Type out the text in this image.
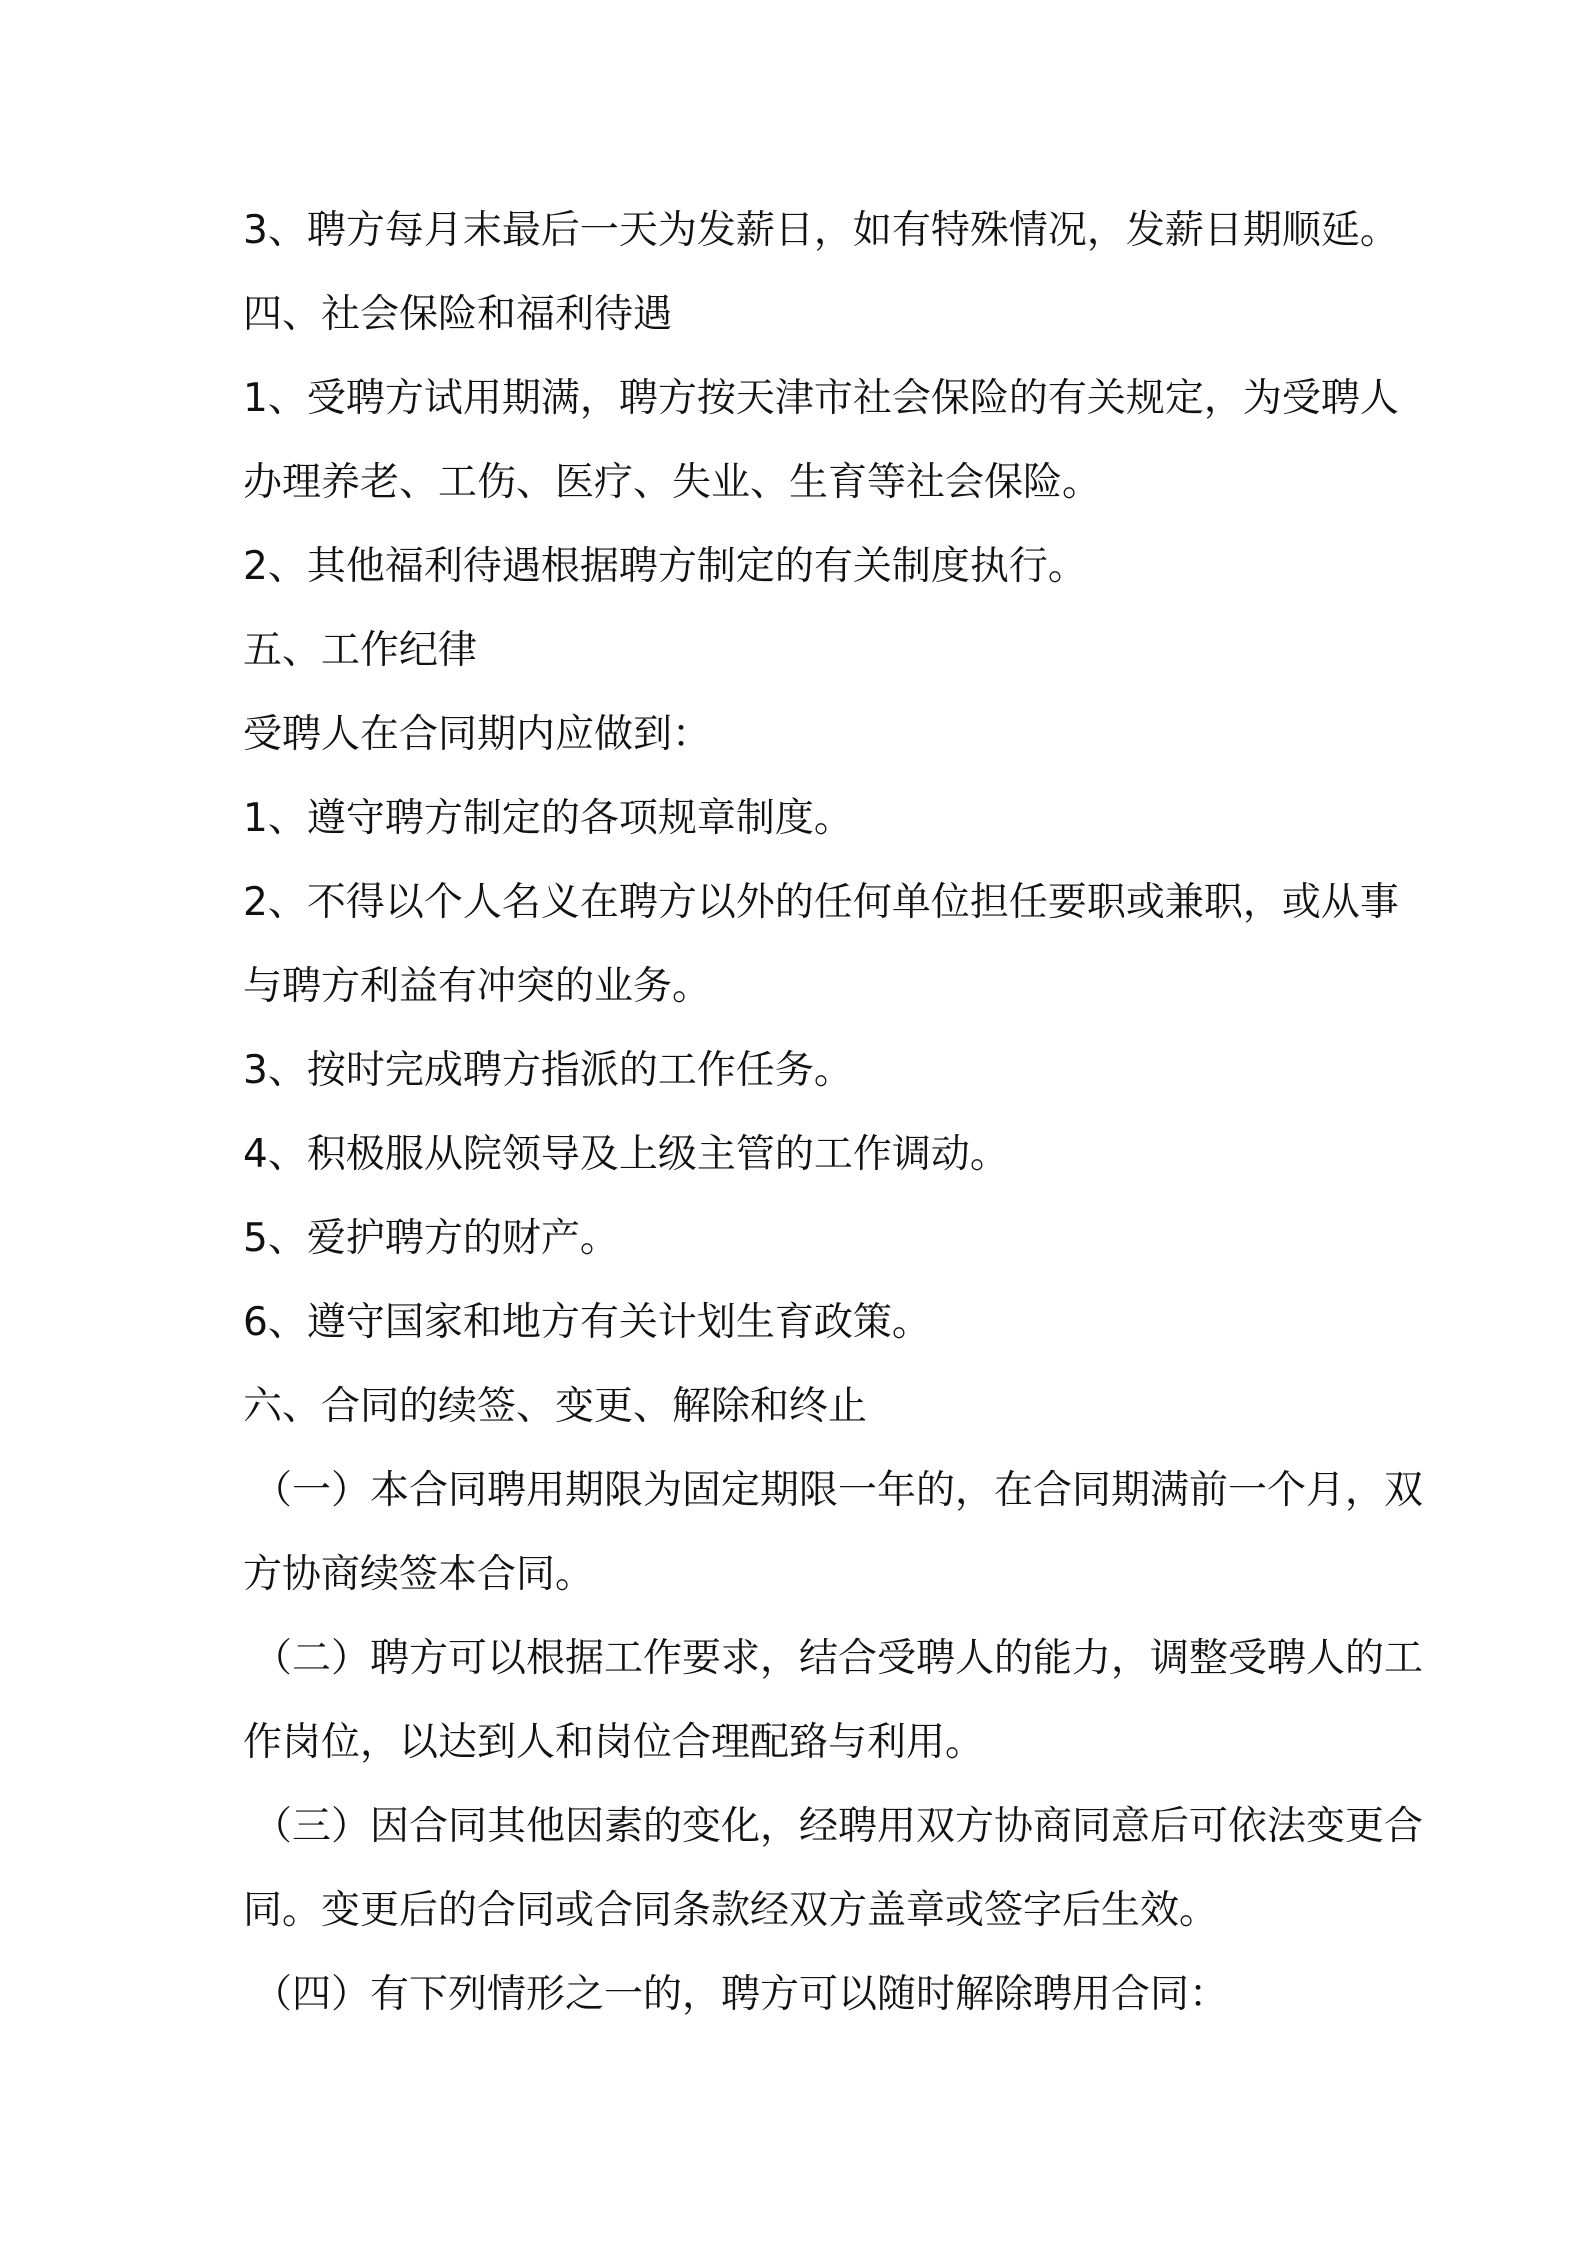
3、聘方每月末最后一天为发薪日，如有特殊情况，发薪日期顺延。
四、社会保险和福利待遇
1、受聘方试用期满，聘方按天津市社会保险的有关规定，为受聘人
办理养老、工伤、医疗、失业、生育等社会保险。
2、其他福利待遇根据聘方制定的有关制度执行。
五、工作纪律
受聘人在合同期内应做到：
1、遵守聘方制定的各项规章制度。
2、不得以个人名义在聘方以外的任何单位担任要职或兼职，或从事
与聘方利益有冲突的业务。
3、按时完成聘方指派的工作任务。
4、积极服从院领导及上级主管的工作调动。
5、爱护聘方的财产。
6、遵守国家和地方有关计划生育政策。
六、合同的续签、变更、解除和终止
（一）本合同聘用期限为固定期限一年的，在合同期满前一个月，双
方协商续签本合同。
（二）聘方可以根据工作要求，结合受聘人的能力，调整受聘人的工
作岗位，以达到人和岗位合理配臵与利用。
（三）因合同其他因素的变化，经聘用双方协商同意后可依法变更合
同。变更后的合同或合同条款经双方盖章或签字后生效。
（四）有下列情形之一的，聘方可以随时解除聘用合同：
